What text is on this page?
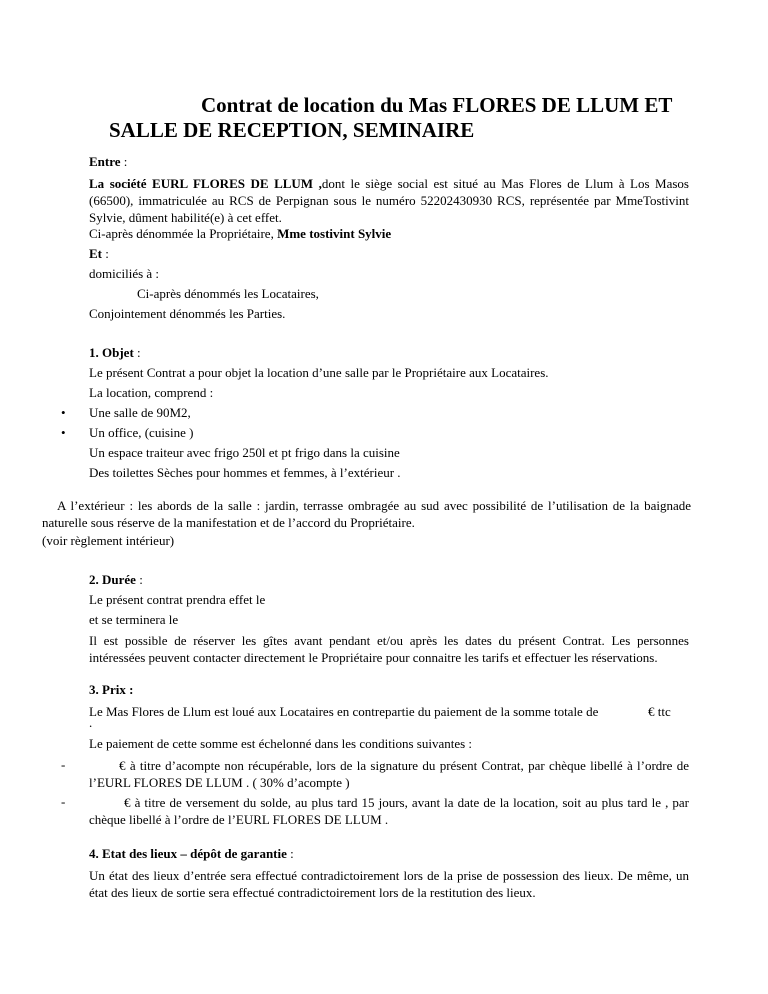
Contrat de location du Mas FLORES DE LLUM ET
SALLE DE RECEPTION, SEMINAIRE
Entre :
La société EURL FLORES DE LLUM ,dont le siège social est situé au Mas Flores de Llum à Los Masos (66500), immatriculée au RCS de Perpignan sous le numéro 52202430930 RCS, représentée par MmeTostivint Sylvie, dûment habilité(e) à cet effet.
Ci-après dénommée la Propriétaire, Mme tostivint Sylvie
Et :
domiciliés à :
Ci-après dénommés les Locataires,
Conjointement dénommés les Parties.
1. Objet :
Le présent Contrat a pour objet la location d’une salle par le Propriétaire aux Locataires.
La location, comprend :
• Une salle de 90M2,
• Un office, (cuisine )
Un espace traiteur avec frigo 250l et pt frigo dans la cuisine
Des toilettes Sèches pour hommes et femmes, à l’extérieur .
A l’extérieur : les abords de la salle : jardin, terrasse ombragée au sud avec possibilité de l’utilisation de la baignade naturelle sous réserve de la manifestation et de l’accord du Propriétaire.
(voir règlement intérieur)
2. Durée :
Le présent contrat prendra effet le
et se terminera le
Il est possible de réserver les gîtes avant pendant et/ou après les dates du présent Contrat. Les personnes intéressées peuvent contacter directement le Propriétaire pour connaitre les tarifs et effectuer les réservations.
3. Prix :
Le Mas Flores de Llum est loué aux Locataires en contrepartie du paiement de la somme totale de	€ ttc
.
Le paiement de cette somme est échelonné dans les conditions suivantes :
-	€ à titre d’acompte non récupérable, lors de la signature du présent Contrat, par chèque libellé à l’ordre de l’EURL FLORES DE LLUM . ( 30% d’acompte )
-	€ à titre de versement du solde, au plus tard 15 jours, avant la date de la location, soit au plus tard le , par chèque libellé à l’ordre de l’EURL FLORES DE LLUM .
4. Etat des lieux – dépôt de garantie :
Un état des lieux d’entrée sera effectué contradictoirement lors de la prise de possession des lieux. De même, un état des lieux de sortie sera effectué contradictoirement lors de la restitution des lieux.
